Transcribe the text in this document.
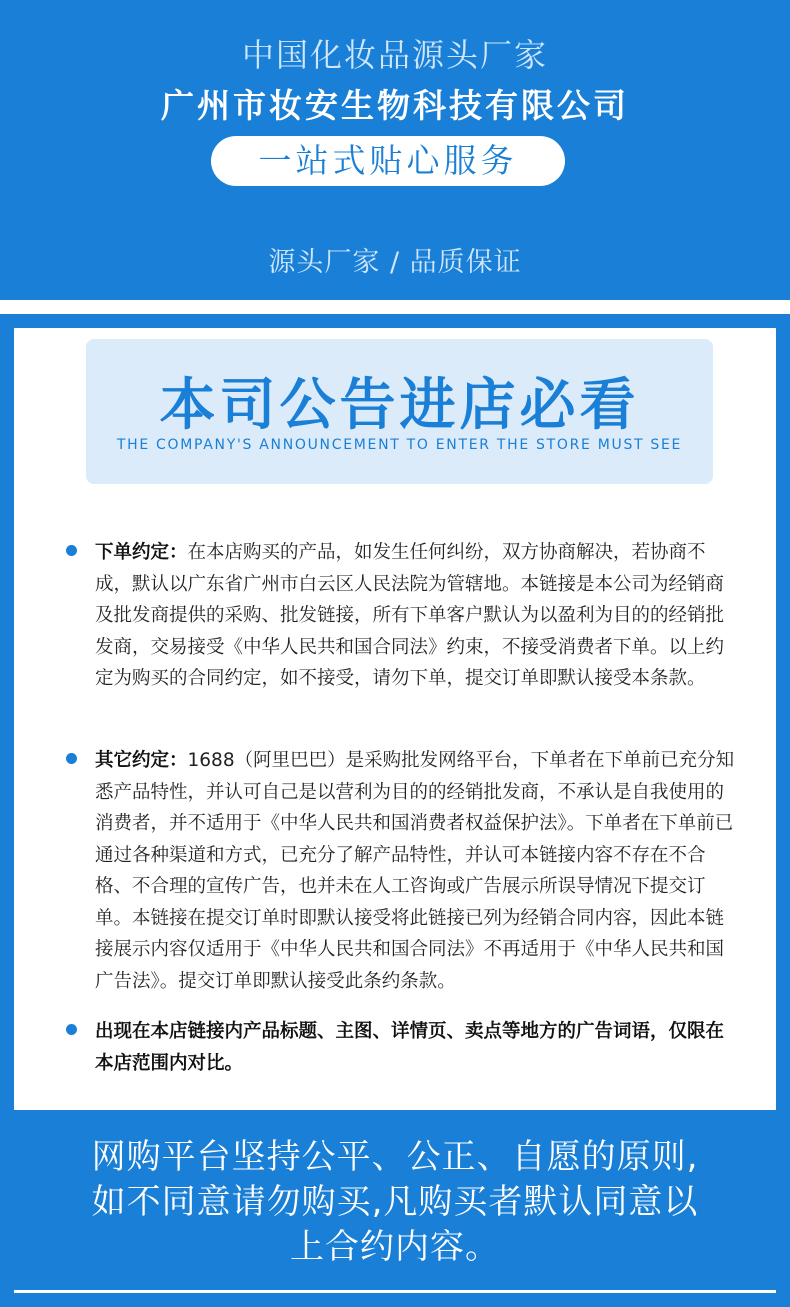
中国化妆品源头厂家
广州市妆安生物科技有限公司
一站式贴心服务
源头厂家 / 品质保证
本司公告进店必看
THE COMPANY'S ANNOUNCEMENT TO ENTER THE STORE MUST SEE
下单约定：在本店购买的产品，如发生任何纠纷，双方协商解决，若协商不成，默认以广东省广州市白云区人民法院为管辖地。本链接是本公司为经销商及批发商提供的采购、批发链接，所有下单客户默认为以盈利为目的的经销批发商，交易接受《中华人民共和国合同法》约束，不接受消费者下单。以上约定为购买的合同约定，如不接受，请勿下单，提交订单即默认接受本条款。
其它约定：1688（阿里巴巴）是采购批发网络平台，下单者在下单前已充分知悉产品特性，并认可自己是以营利为目的的经销批发商，不承认是自我使用的消费者，并不适用于《中华人民共和国消费者权益保护法》。下单者在下单前已通过各种渠道和方式，已充分了解产品特性，并认可本链接内容不存在不合格、不合理的宣传广告，也并未在人工咨询或广告展示所误导情况下提交订单。本链接在提交订单时即默认接受将此链接已列为经销合同内容，因此本链接展示内容仅适用于《中华人民共和国合同法》不再适用于《中华人民共和国广告法》。提交订单即默认接受此条约条款。
出现在本店链接内产品标题、主图、详情页、卖点等地方的广告词语，仅限在本店范围内对比。
网购平台坚持公平、公正、自愿的原则,
如不同意请勿购买,凡购买者默认同意以
上合约内容。
